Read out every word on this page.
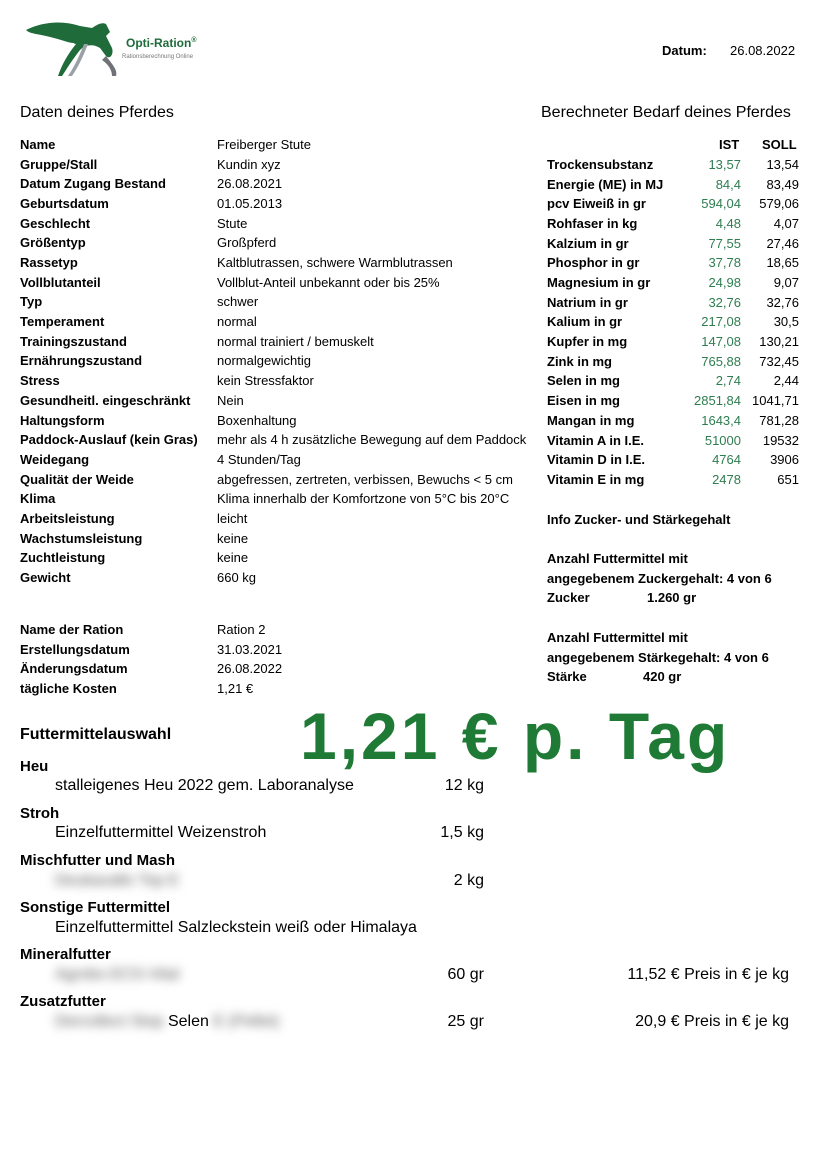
Opti-Ration®
Rationsberechnung Online	Datum: 26.08.2022
Daten deines Pferdes	Berechneter Bedarf deines Pferdes
Name	Freiberger Stute
Gruppe/Stall	Kundin xyz
Datum Zugang Bestand	26.08.2021
Geburtsdatum	01.05.2013
Geschlecht	Stute
Größentyp	Großpferd
Rassetyp	Kaltblutrassen, schwere Warmblutrassen
Vollblutanteil	Vollblut-Anteil unbekannt oder bis 25%
Typ	schwer
Temperament	normal
Trainingszustand	normal trainiert / bemuskelt
Ernährungszustand	normalgewichtig
Stress	kein Stressfaktor
Gesundheitl. eingeschränkt Nein
Haltungsform	Boxenhaltung
Paddock-Auslauf (kein Gras) mehr als 4 h zusätzliche Bewegung auf dem Paddock
Weidegang	4 Stunden/Tag
Qualität der Weide	abgefressen, zertreten, verbissen, Bewuchs < 5 cm
Klima	Klima innerhalb der Komfortzone von 5°C bis 20°C
Arbeitsleistung	leicht
Wachstumsleistung	keine
Zuchtleistung	keine
Gewicht	660 kg
Name der Ration	Ration 2
Erstellungsdatum	31.03.2021
Änderungsdatum	26.08.2022
tägliche Kosten	1,21 €
IST SOLL
Trockensubstanz	13,57 13,54
Energie (ME) in MJ	84,4 83,49
pcv Eiweiß in gr	594,04 579,06
Rohfaser in kg	4,48	4,07
Kalzium in gr	77,55 27,46
Phosphor in gr	37,78 18,65
Magnesium in gr	24,98	9,07
Natrium in gr	32,76 32,76
Kalium in gr	217,08	30,5
Kupfer in mg	147,08 130,21
Zink in mg	765,88 732,45
Selen in mg	2,74	2,44
Eisen in mg	2851,84 1041,71
Mangan in mg	1643,4 781,28
Vitamin A in I.E.	51000 19532
Vitamin D in I.E.	4764 3906
Vitamin E in mg	2478	651
Info Zucker- und Stärkegehalt
Anzahl Futtermittel mit
angegebenem Zuckergehalt: 4 von 6
Zucker	1.260 gr
Anzahl Futtermittel mit
angegebenem Stärkegehalt: 4 von 6
Stärke	420 gr
1,21 € p. Tag
Futtermittelauswahl
Heu
stalleigenes Heu 2022 gem. Laboranalyse	12 kg
Stroh
Einzelfuttermittel Weizenstroh	1,5 kg
Mischfutter und Mash
Deukavallo Top E	2 kg
Sonstige Futtermittel
Einzelfuttermittel Salzleckstein weiß oder Himalaya
Mineralfutter
Agrobs ECS-Vital	60 gr	11,52 € Preis in € je kg
Zusatzfutter
Dercollect Stop Selen E (Pellet)	25 gr	20,9 € Preis in € je kg
